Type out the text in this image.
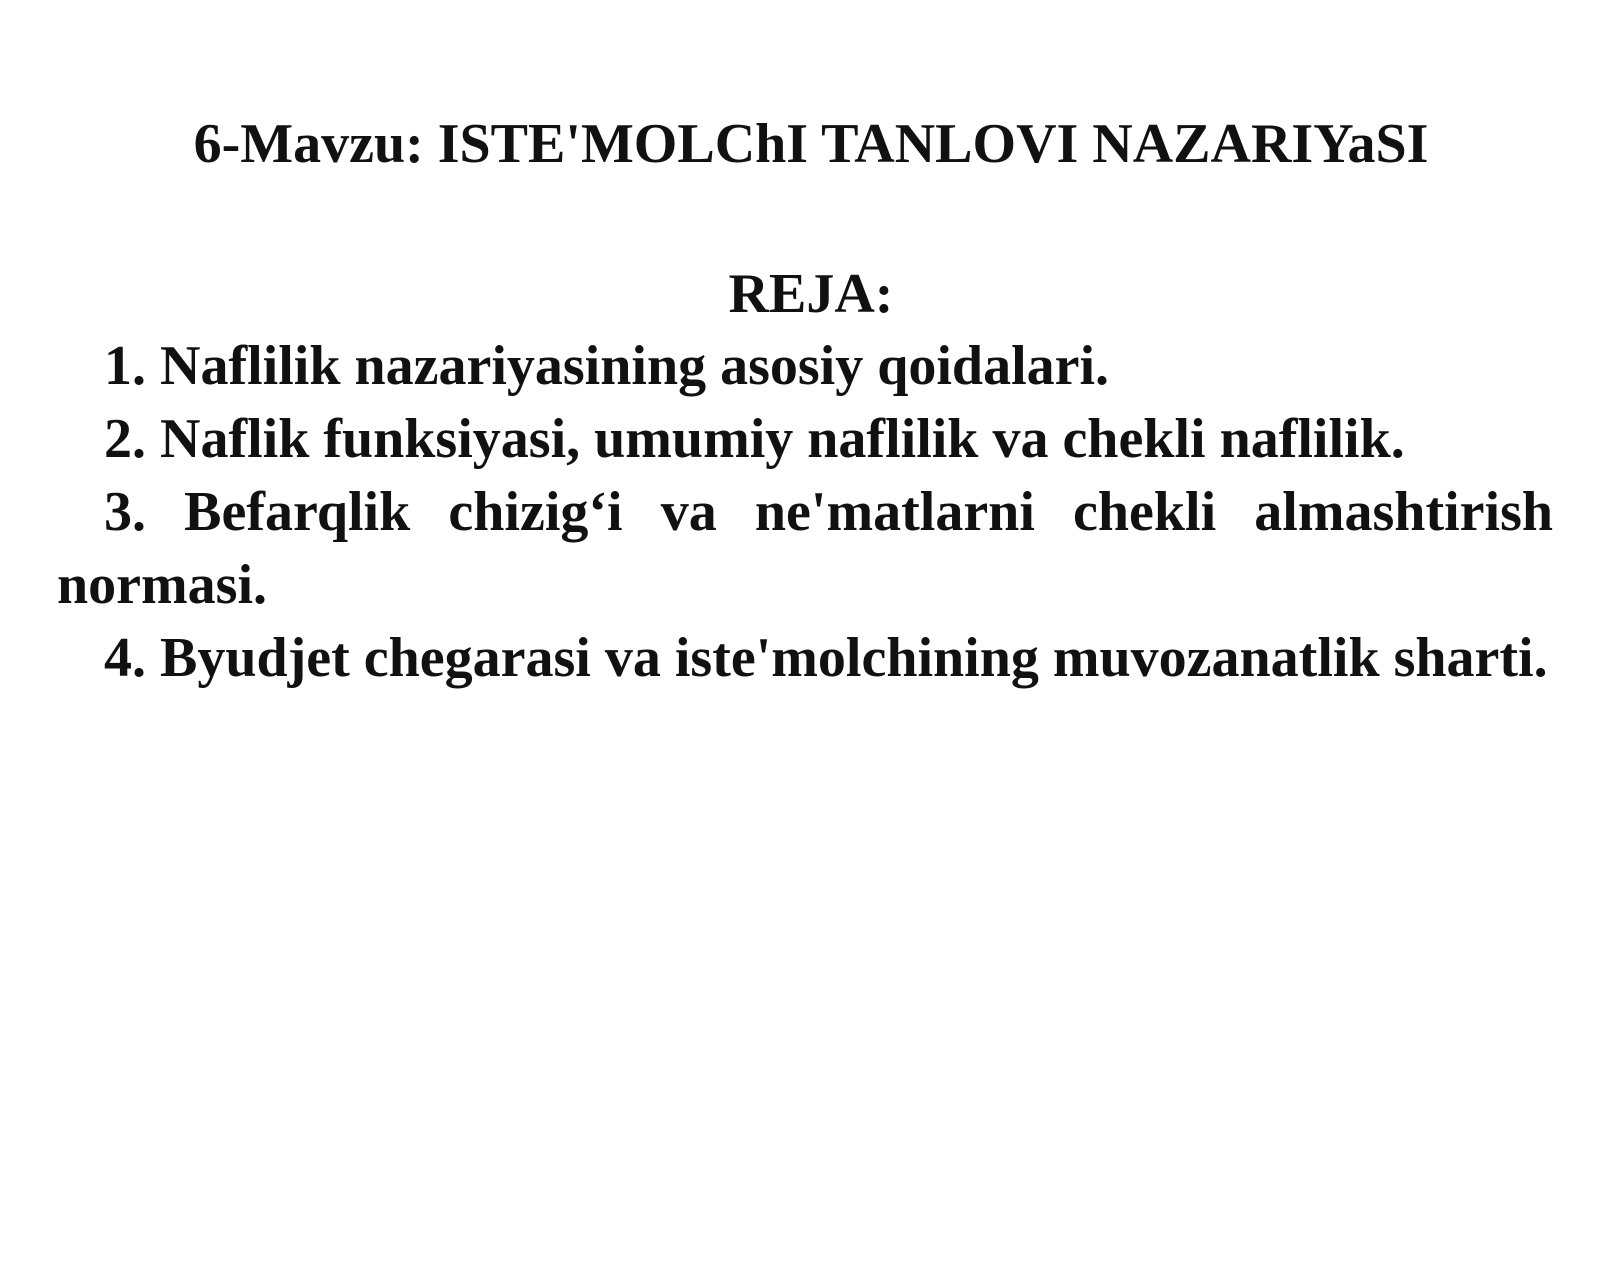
6-Mavzu: ISTE'MOLChI TANLOVI NAZARIYaSI
REJA:
1. Naflilik nazariyasining asosiy qoidalari.
2. Naflik funksiyasi, umumiy naflilik va chekli naflilik.
3. Befarqlik chizig‘i va ne'matlarni chekli almashtirish normasi.
4. Byudjet chegarasi va iste'molchining muvozanatlik sharti.
